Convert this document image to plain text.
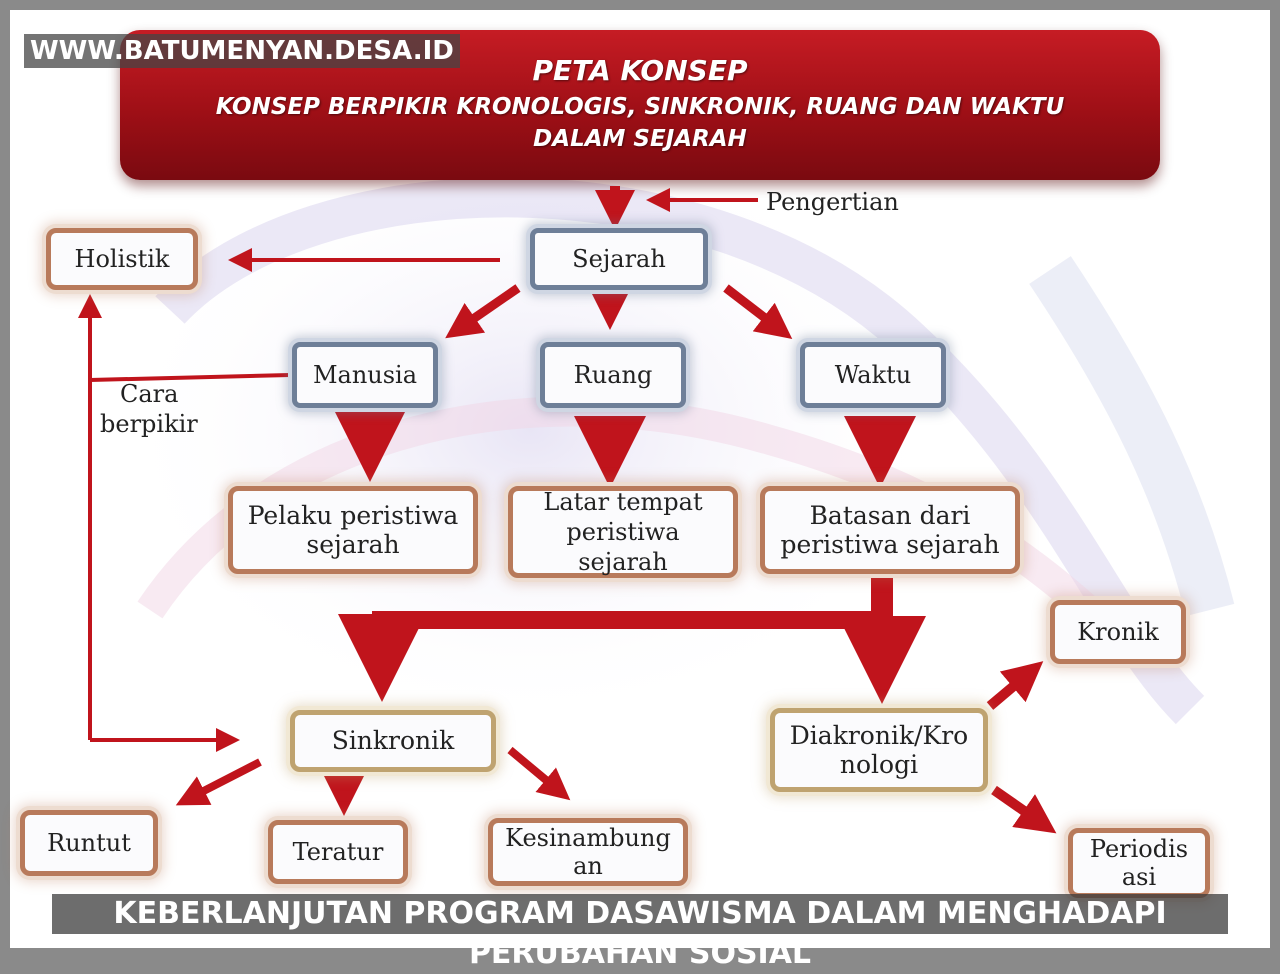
PETA KONSEP
KONSEP BERPIKIR KRONOLOGIS, SINKRONIK, RUANG DAN WAKTU
DALAM SEJARAH
WWW.BATUMENYAN.DESA.ID
Pengertian
Cara
berpikir
Sejarah
Holistik
Manusia	Ruang	Waktu
Pelaku peristiwa
sejarah
Latar tempat
peristiwa
sejarah
Batasan dari
peristiwa sejarah
Sinkronik	Diakronik/Kro
nologi
Kronik
Runtut	Teratur
Kesinambung
an
Periodis
asi
KEBERLANJUTAN PROGRAM DASAWISMA DALAM MENGHADAPI PERUBAHAN SOSIAL
